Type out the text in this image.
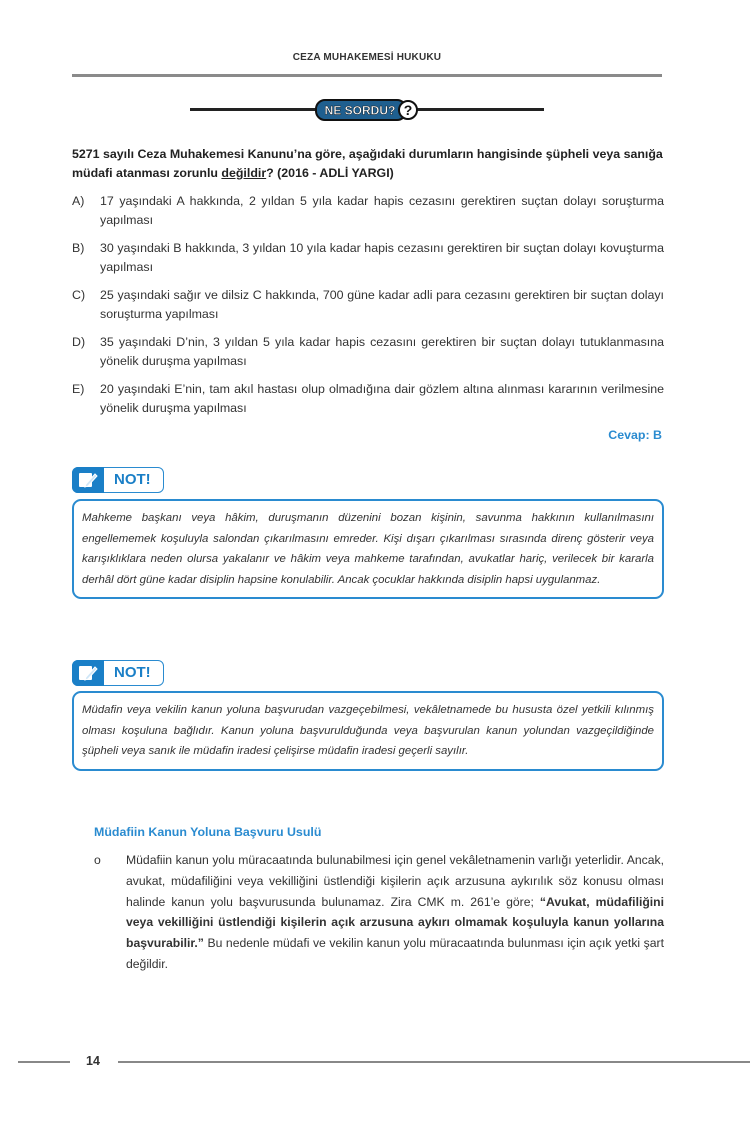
CEZA MUHAKEMESİ HUKUKU
?
NE SORDU?
5271 sayılı Ceza Muhakemesi Kanunu’na göre, aşağıdaki durumların hangisinde şüpheli veya sanığa müdafi atanması zorunlu değildir? (2016 - ADLİ YARGI)
A)	17 yaşındaki A hakkında, 2 yıldan 5 yıla kadar hapis cezasını gerektiren suçtan dolayı soruşturma yapılması
B)	30 yaşındaki B hakkında, 3 yıldan 10 yıla kadar hapis cezasını gerektiren bir suçtan dolayı kovuşturma yapılması
C)	25 yaşındaki sağır ve dilsiz C hakkında, 700 güne kadar adli para cezasını gerektiren bir suçtan dolayı soruşturma yapılması
D)	35 yaşındaki D’nin, 3 yıldan 5 yıla kadar hapis cezasını gerektiren bir suçtan dolayı tutuklanmasına yönelik duruşma yapılması
E)	20 yaşındaki E’nin, tam akıl hastası olup olmadığına dair gözlem altına alınması kararının verilmesine yönelik duruşma yapılması
Cevap: B
NOT!
Mahkeme başkanı veya hâkim, duruşmanın düzenini bozan kişinin, savunma hakkının kullanılmasını engellememek koşuluyla salondan çıkarılmasını emreder. Kişi dışarı çıkarılması sırasında direnç gösterir veya karışıklıklara neden olursa yakalanır ve hâkim veya mahkeme tarafından, avukatlar hariç, verilecek bir kararla derhâl dört güne kadar disiplin hapsine konulabilir. Ancak çocuklar hakkında disiplin hapsi uygulanmaz.
NOT!
Müdafin veya vekilin kanun yoluna başvurudan vazgeçebilmesi, vekâletnamede bu hususta özel yetkili kılınmış olması koşuluna bağlıdır. Kanun yoluna başvurulduğunda veya başvurulan kanun yolundan vazgeçildiğinde şüpheli veya sanık ile müdafin iradesi çelişirse müdafin iradesi geçerli sayılır.
Müdafiin Kanun Yoluna Başvuru Usulü
o	Müdafiin kanun yolu müracaatında bulunabilmesi için genel vekâletnamenin varlığı yeterlidir. Ancak, avukat, müdafiliğini veya vekilliğini üstlendiği kişilerin açık arzusuna aykırılık söz konusu olması halinde kanun yolu başvurusunda bulunamaz. Zira CMK m. 261’e göre; “Avukat, müdafiliğini veya vekilliğini üstlendiği kişilerin açık arzusuna aykırı olmamak koşuluyla kanun yollarına başvurabilir.” Bu nedenle müdafi ve vekilin kanun yolu müracaatında bulunması için açık yetki şart değildir.
14
